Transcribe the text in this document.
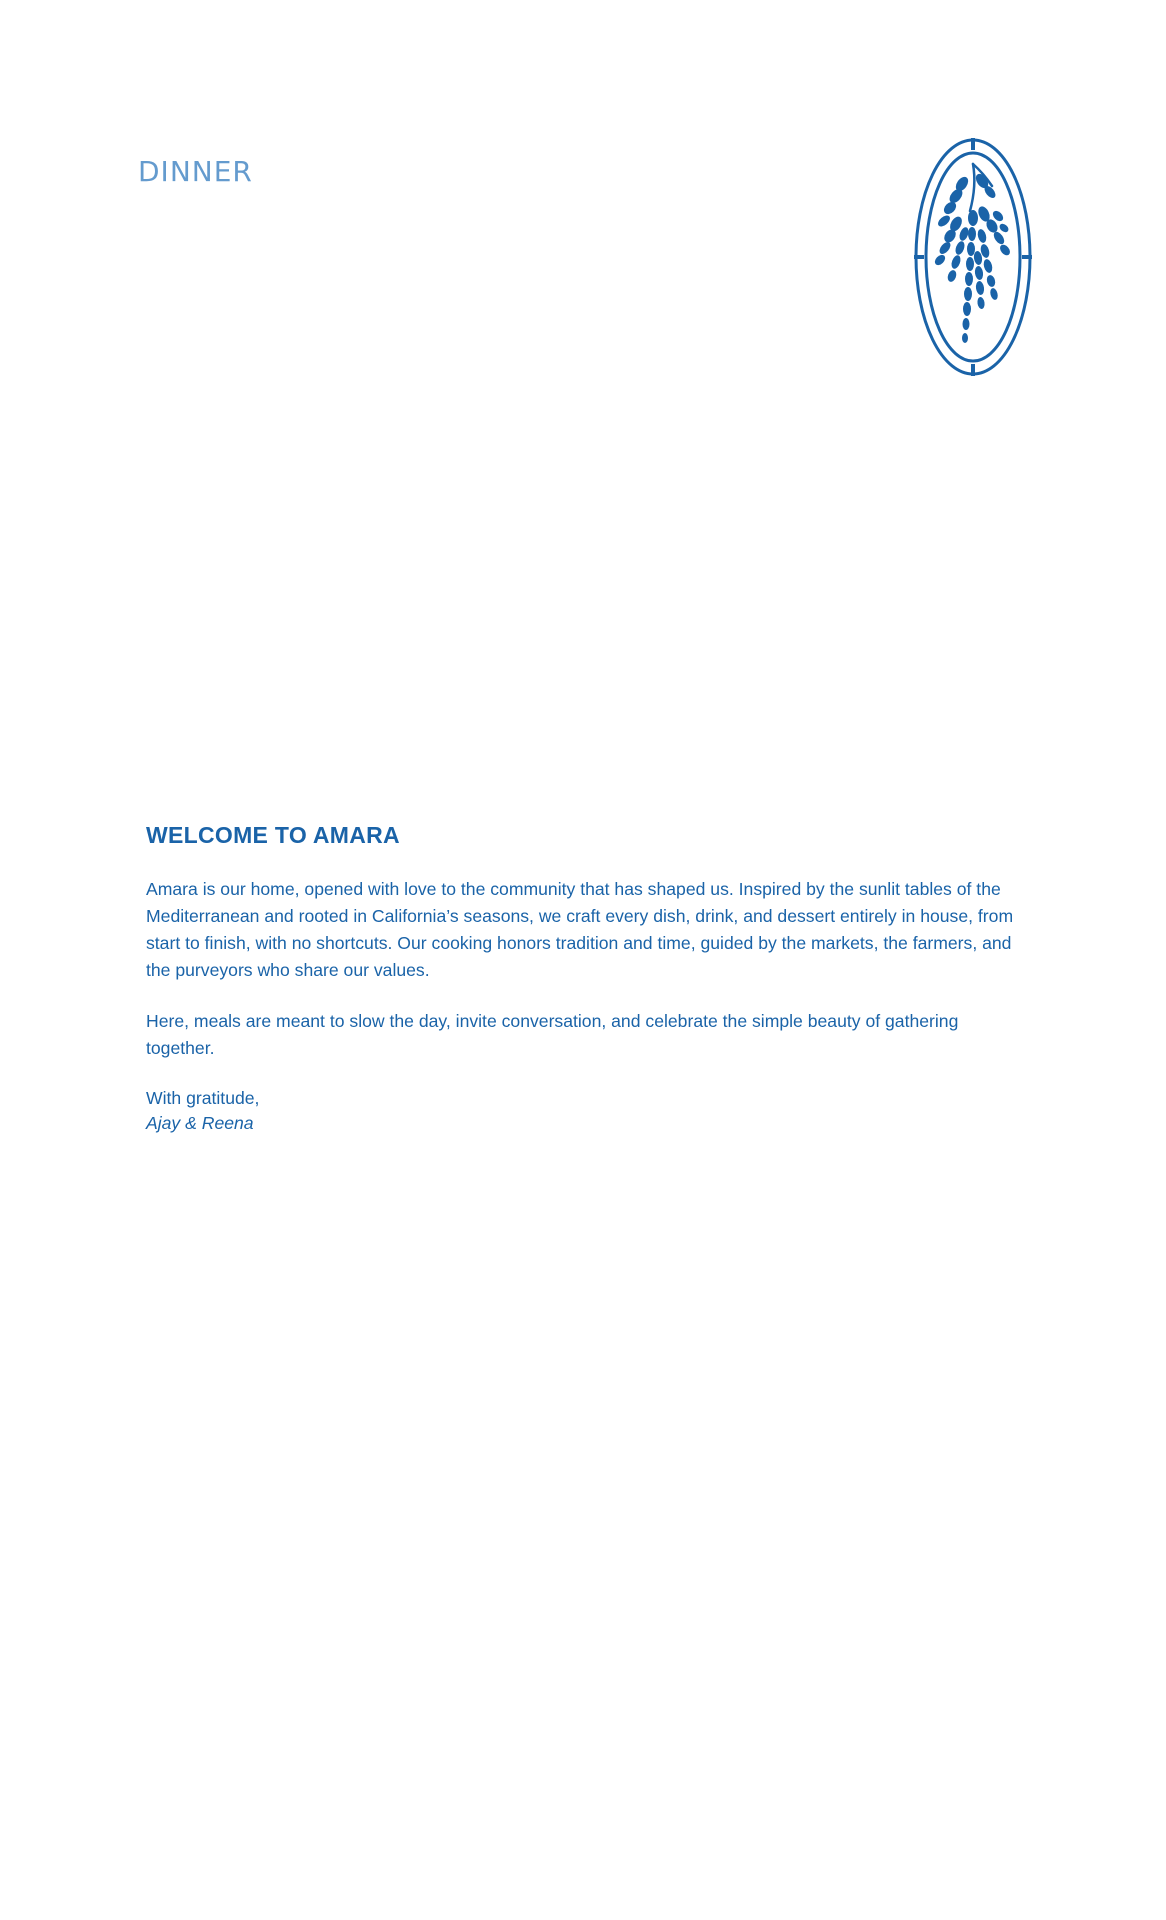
DINNER
WELCOME TO AMARA

Amara is our home, opened with love to the community that has shaped us. Inspired by the sunlit tables of the Mediterranean and rooted in California’s seasons, we craft every dish, drink, and dessert entirely in house, from start to finish, with no shortcuts. Our cooking honors tradition and time, guided by the markets, the farmers, and the purveyors who share our values.

Here, meals are meant to slow the day, invite conversation, and celebrate the simple beauty of gathering together.

With gratitude,
Ajay & Reena
